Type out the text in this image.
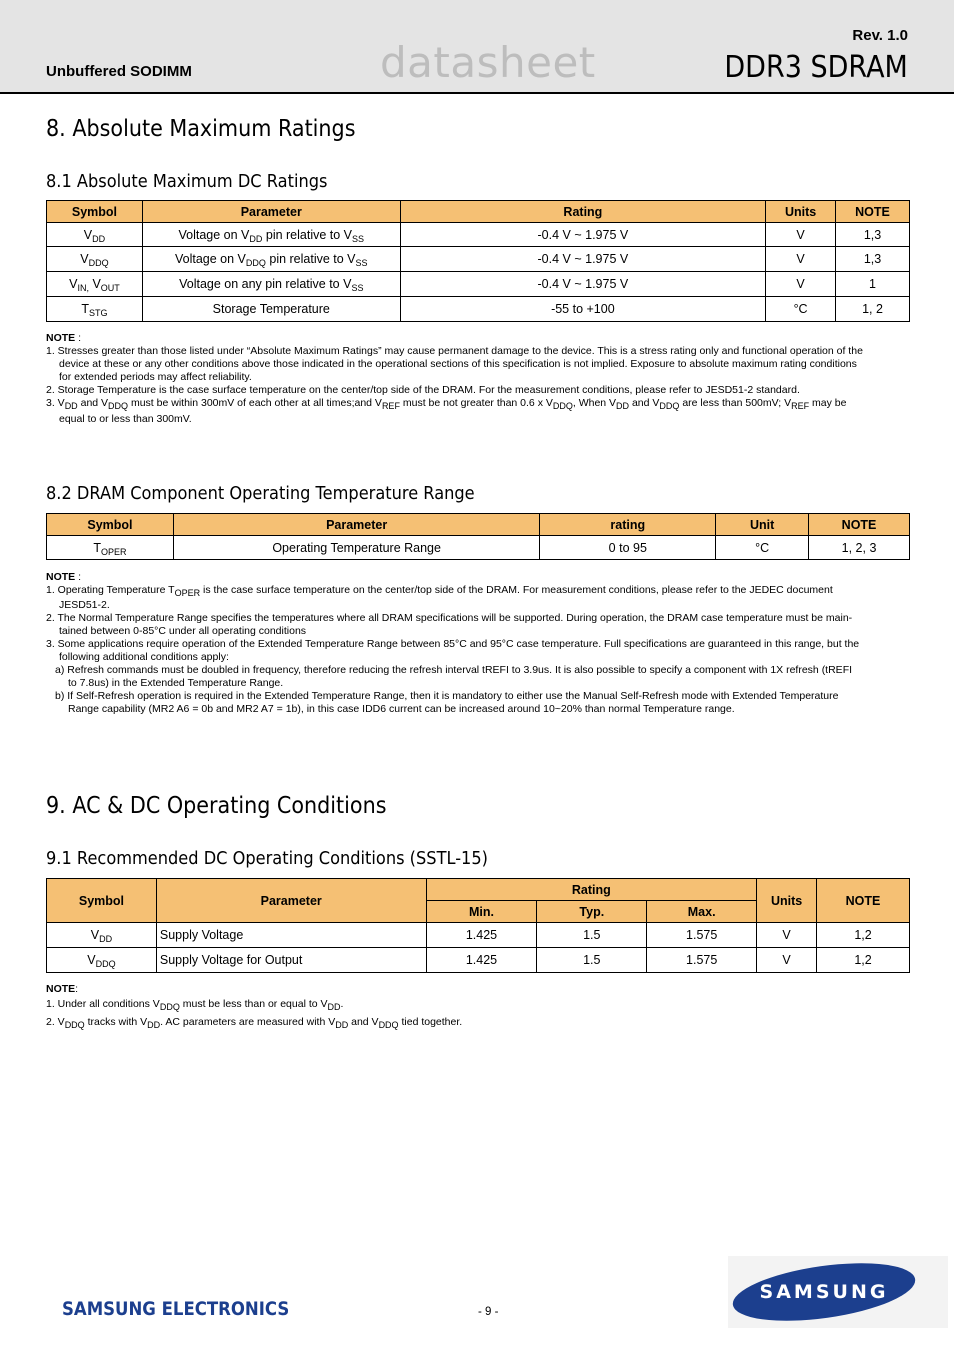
Unbuffered SODIMM	datasheet
Rev. 1.0
DDR3 SDRAM
8. Absolute Maximum Ratings
8.1 Absolute Maximum DC Ratings
Symbol	Parameter	Rating	Units	NOTE
$V_{DD}$	Voltage on $V_{DD}$ pin relative to $V_{SS}$	-0.4 V ~ 1.975 V	V	1,3
$V_{DDQ}$	Voltage on $V_{DDQ}$ pin relative to $V_{SS}$	-0.4 V ~ 1.975 V	V	1,3
$V_{IN,}$ $V_{OUT}$	Voltage on any pin relative to $V_{SS}$	-0.4 V ~ 1.975 V	V	1
$T_{STG}$	Storage Temperature	-55 to +100	°C	1, 2

NOTE :

1. Stresses greater than those listed under “Absolute Maximum Ratings” may cause permanent damage to the device. This is a stress rating only and functional operation of the

device at these or any other conditions above those indicated in the operational sections of this specification is not implied. Exposure to absolute maximum rating conditions

for extended periods may affect reliability.

2. Storage Temperature is the case surface temperature on the center/top side of the DRAM. For the measurement conditions, please refer to JESD51-2 standard.

3. $V_{DD}$ and $V_{DDQ}$ must be within 300mV of each other at all times;and $V_{REF}$ must be not greater than 0.6 x $V_{DDQ}$, When $V_{DD}$ and $V_{DDQ}$ are less than 500mV; $V_{REF}$ may be

equal to or less than 300mV.

8.2 DRAM Component Operating Temperature Range
Symbol	Parameter	rating	Unit	NOTE
$T_{OPER}$	Operating Temperature Range	0 to 95	°C	1, 2, 3

NOTE :

1. Operating Temperature $T_{OPER}$ is the case surface temperature on the center/top side of the DRAM. For measurement conditions, please refer to the JEDEC document

JESD51-2.

2. The Normal Temperature Range specifies the temperatures where all DRAM specifications will be supported. During operation, the DRAM case temperature must be main-

tained between 0-85°C under all operating conditions

3. Some applications require operation of the Extended Temperature Range between 85°C and 95°C case temperature. Full specifications are guaranteed in this range, but the

following additional conditions apply:

a) Refresh commands must be doubled in frequency, therefore reducing the refresh interval tREFI to 3.9us. It is also possible to specify a component with 1X refresh (tREFI

to 7.8us) in the Extended Temperature Range.

b) If Self-Refresh operation is required in the Extended Temperature Range, then it is mandatory to either use the Manual Self-Refresh mode with Extended Temperature

Range capability (MR2 A6 = 0b and MR2 A7 = 1b), in this case IDD6 current can be increased around 10~20% than normal Temperature range.

9. AC & DC Operating Conditions
9.1 Recommended DC Operating Conditions (SSTL-15)
Symbol	Parameter	Rating			Units	NOTE
		Min.	Typ.	Max.		
$V_{DD}$	Supply Voltage	1.425	1.5	1.575	V	1,2
$V_{DDQ}$	Supply Voltage for Output	1.425	1.5	1.575	V	1,2

NOTE:

1. Under all conditions $V_{DDQ}$ must be less than or equal to $V_{DD}$.

2. $V_{DDQ}$ tracks with $V_{DD}$. AC parameters are measured with $V_{DD}$ and $V_{DDQ}$ tied together.

SAMSUNG ELECTRONICS	- 9 -
SAMSUNG
